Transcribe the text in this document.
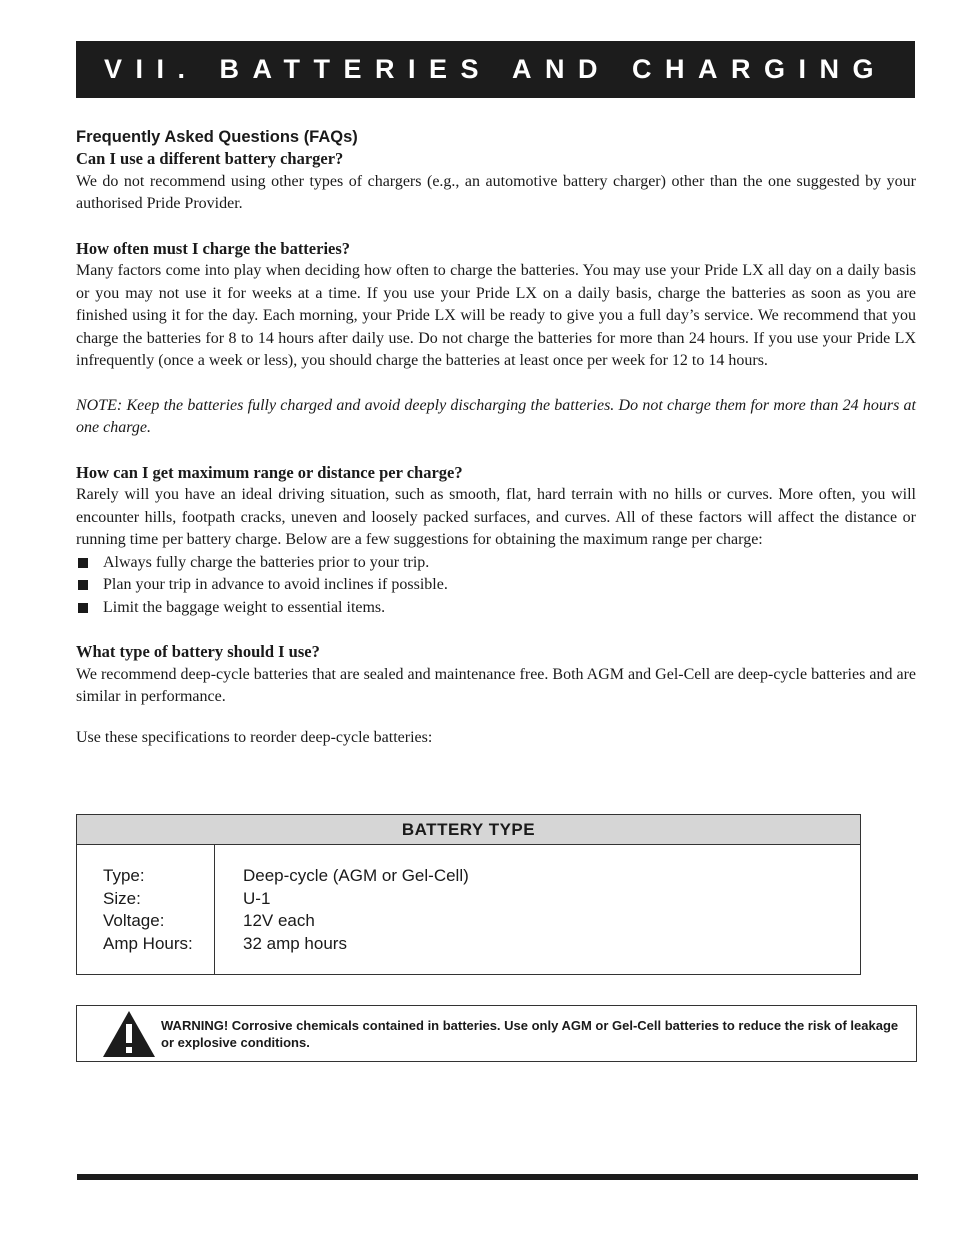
VII. BATTERIES AND CHARGING

Frequently Asked Questions (FAQs)

Can I use a different battery charger?

We do not recommend using other types of chargers (e.g., an automotive battery charger) other than the one suggested by your authorised Pride Provider.

How often must I charge the batteries?

Many factors come into play when deciding how often to charge the batteries. You may use your Pride LX all day on a daily basis or you may not use it for weeks at a time. If you use your Pride LX on a daily basis, charge the batteries as soon as you are finished using it for the day. Each morning, your Pride LX will be ready to give you a full day’s service. We recommend that you charge the batteries for 8 to 14 hours after daily use. Do not charge the batteries for more than 24 hours. If you use your Pride LX infrequently (once a week or less), you should charge the batteries at least once per week for 12 to 14 hours.

NOTE: Keep the batteries fully charged and avoid deeply discharging the batteries. Do not charge them for more than 24 hours at one charge.

How can I get maximum range or distance per charge?

Rarely will you have an ideal driving situation, such as smooth, flat, hard terrain with no hills or curves. More often, you will encounter hills, footpath cracks, uneven and loosely packed surfaces, and curves. All of these factors will affect the distance or running time per battery charge. Below are a few suggestions for obtaining the maximum range per charge:

Always fully charge the batteries prior to your trip.
Plan your trip in advance to avoid inclines if possible.
Limit the baggage weight to essential items.

What type of battery should I use?

We recommend deep-cycle batteries that are sealed and maintenance free. Both AGM and Gel-Cell are deep-cycle batteries and are similar in performance.

Use these specifications to reorder deep-cycle batteries:

BATTERY TYPE
Type:
Size:
Voltage:
Amp Hours:
Deep-cycle (AGM or Gel-Cell)
U-1
12V each
32 amp hours
WARNING! Corrosive chemicals contained in batteries. Use only AGM or Gel-Cell batteries to reduce the risk of leakage or explosive conditions.
